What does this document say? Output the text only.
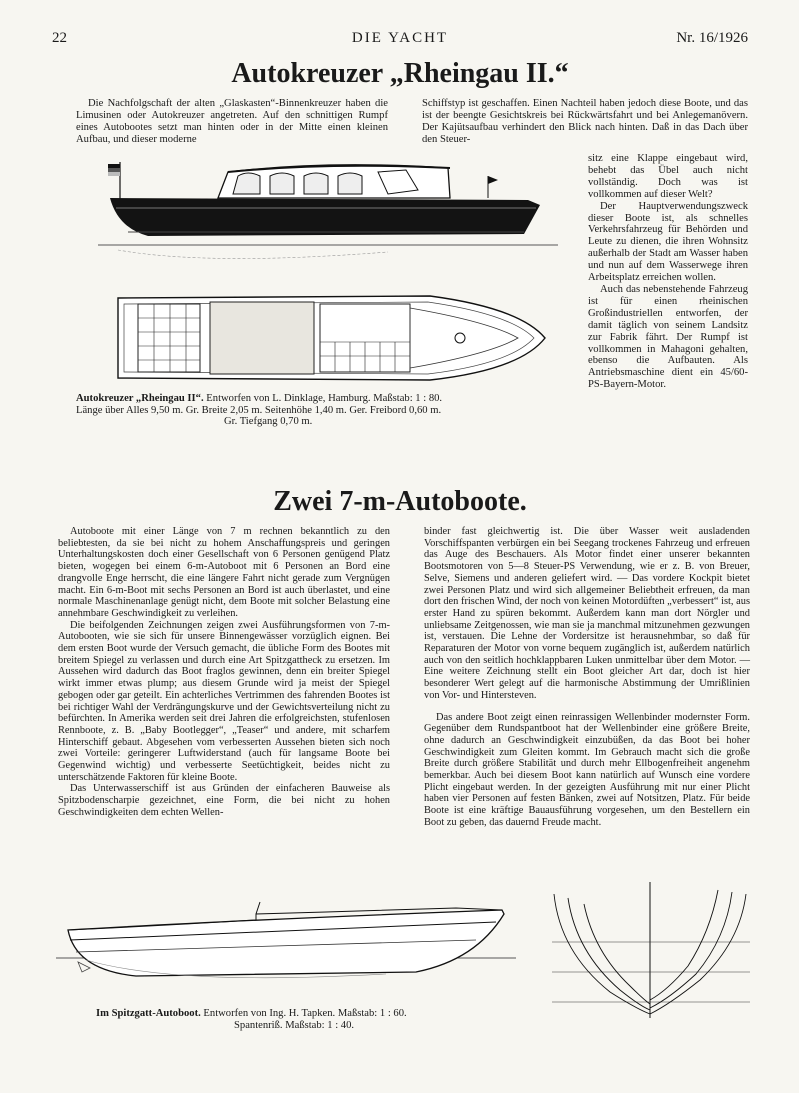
22	DIE YACHT	Nr. 16/1926
Autokreuzer „Rheingau II.“

Die Nachfolgschaft der alten „Glaskasten“-Binnenkreuzer haben die Limusinen oder Autokreuzer angetreten. Auf den schnittigen Rumpf eines Autobootes setzt man hinten oder in der Mitte einen kleinen Aufbau, und dieser moderne

Schiffstyp ist geschaffen. Einen Nachteil haben jedoch diese Boote, und das ist der beengte Gesichtskreis bei Rückwärtsfahrt und bei Anlegemanövern. Der Kajütsaufbau verhindert den Blick nach hinten. Daß in das Dach über den Steuer-

sitz eine Klappe eingebaut wird, behebt das Übel auch nicht vollständig. Doch was ist vollkommen auf dieser Welt?

Der Hauptverwendungszweck dieser Boote ist, als schnelles Verkehrsfahrzeug für Behörden und Leute zu dienen, die ihren Wohnsitz außerhalb der Stadt am Wasser haben und nun auf dem Wasserwege ihren Arbeitsplatz erreichen wollen.

Auch das nebenstehende Fahrzeug ist für einen rheinischen Großindustriellen entworfen, der damit täglich von seinem Landsitz zur Fabrik fährt. Der Rumpf ist vollkommen in Mahagoni gehalten, ebenso die Aufbauten. Als Antriebsmaschine dient ein 45/60-PS-Bayern-Motor.

Autokreuzer „Rheingau II“. Entworfen von L. Dinklage, Hamburg. Maßstab: 1 : 80.
Länge über Alles 9,50 m. Gr. Breite 2,05 m. Seitenhöhe 1,40 m. Ger. Freibord 0,60 m.
Gr. Tiefgang 0,70 m.
Zwei 7-m-Autoboote.

Autoboote mit einer Länge von 7 m rechnen bekanntlich zu den beliebtesten, da sie bei nicht zu hohem Anschaffungspreis und geringen Unterhaltungskosten doch einer Gesellschaft von 6 Personen genügend Platz bieten, wogegen bei einem 6-m-Autoboot mit 6 Personen an Bord eine drangvolle Enge herrscht, die eine längere Fahrt nicht gerade zum Vergnügen macht. Ein 6-m-Boot mit sechs Personen an Bord ist auch überlastet, und eine normale Maschinenanlage genügt nicht, dem Boote mit solcher Belastung eine annehmbare Geschwindigkeit zu verleihen.

Die beifolgenden Zeichnungen zeigen zwei Ausführungsformen von 7-m-Autobooten, wie sie sich für unsere Binnengewässer vorzüglich eignen. Bei dem ersten Boot wurde der Versuch gemacht, die übliche Form des Bootes mit breitem Spiegel zu verlassen und durch eine Art Spitzgattheck zu ersetzen. Im Aussehen wird dadurch das Boot fraglos gewinnen, denn ein breiter Spiegel wirkt immer etwas plump; aus diesem Grunde wird ja meist der Spiegel gebogen oder gar geteilt. Ein achterliches Vertrimmen des fahrenden Bootes ist bei richtiger Wahl der Verdrängungskurve und der Gewichtsverteilung nicht zu befürchten. In Amerika werden seit drei Jahren die erfolgreichsten, stufenlosen Rennboote, z. B. „Baby Bootlegger“, „Teaser“ und andere, mit scharfem Hinterschiff gebaut. Abgesehen vom verbesserten Aussehen bieten sich noch zwei Vorteile: geringerer Luftwiderstand (auch für langsame Boote bei Gegenwind wichtig) und verbesserte Seetüchtigkeit, beides nicht zu unterschätzende Faktoren für kleine Boote.

Das Unterwasserschiff ist aus Gründen der einfacheren Bauweise als Spitzbodenscharpie gezeichnet, eine Form, die bei nicht zu hohen Geschwindigkeiten dem echten Wellen-

binder fast gleichwertig ist. Die über Wasser weit ausladenden Vorschiffspanten verbürgen ein bei Seegang trockenes Fahrzeug und erfreuen das Auge des Beschauers. Als Motor findet einer unserer bekannten Bootsmotoren von 5—8 Steuer-PS Verwendung, wie er z. B. von Breuer, Selve, Siemens und anderen geliefert wird. — Das vordere Kockpit bietet zwei Personen Platz und wird sich allgemeiner Beliebtheit erfreuen, da man dort den frischen Wind, der noch von keinen Motordüften „verbessert“ ist, aus erster Hand zu spüren bekommt. Außerdem kann man dort Nörgler und unliebsame Zeitgenossen, wie man sie ja manchmal mitzunehmen gezwungen ist, verstauen. Die Lehne der Vordersitze ist herausnehmbar, so daß für Reparaturen der Motor von vorne bequem zugänglich ist, außerdem natürlich auch von den seitlich hochklappbaren Luken unmittelbar über dem Motor. — Eine weitere Zeichnung stellt ein Boot gleicher Art dar, doch ist hier besonderer Wert gelegt auf die harmonische Abstimmung der Umrißlinien von Vor- und Hintersteven.

Das andere Boot zeigt einen reinrassigen Wellenbinder modernster Form. Gegenüber dem Rundspantboot hat der Wellenbinder eine größere Breite, ohne dadurch an Geschwindigkeit einzubüßen, da das Boot bei hoher Geschwindigkeit zum Gleiten kommt. Im Gebrauch macht sich die große Breite durch größere Stabilität und durch mehr Ellbogenfreiheit angenehm bemerkbar. Auch bei diesem Boot kann natürlich auf Wunsch eine vordere Plicht eingebaut werden. In der gezeigten Ausführung mit nur einer Plicht haben vier Personen auf festen Bänken, zwei auf Notsitzen, Platz. Für beide Boote ist eine kräftige Bauausführung vorgesehen, um den Bestellern ein Boot zu geben, das dauernd Freude macht.

Im Spitzgatt-Autoboot. Entworfen von Ing. H. Tapken. Maßstab: 1 : 60.
Spantenriß. Maßstab: 1 : 40.
